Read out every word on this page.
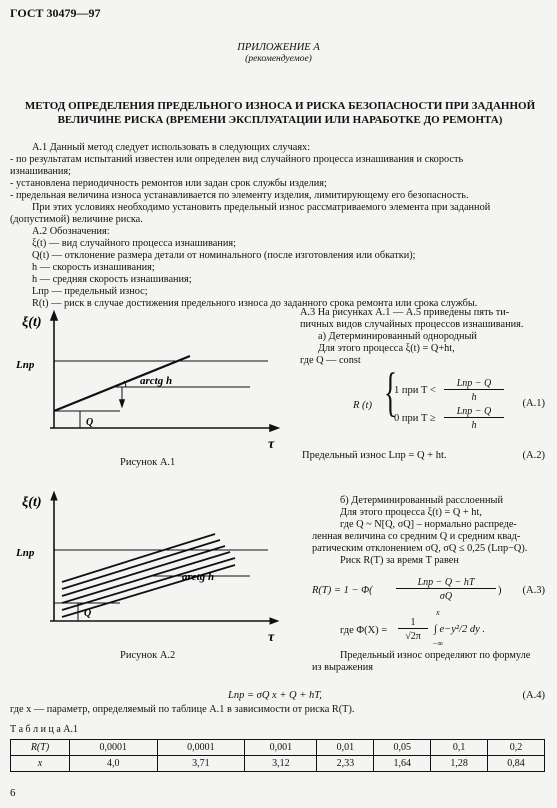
ГОСТ 30479—97
ПРИЛОЖЕНИЕ А
(рекомендуемое)
МЕТОД ОПРЕДЕЛЕНИЯ ПРЕДЕЛЬНОГО ИЗНОСА И РИСКА БЕЗОПАСНОСТИ ПРИ ЗАДАННОЙ
ВЕЛИЧИНЕ РИСКА (ВРЕМЕНИ ЭКСПЛУАТАЦИИ ИЛИ НАРАБОТКЕ ДО РЕМОНТА)
А.1 Данный метод следует использовать в следующих случаях:
- по результатам испытаний известен или определен вид случайного процесса изнашивания и скорость
изнашивания;
- установлена периодичность ремонтов или задан срок службы изделия;
- предельная величина износа устанавливается по элементу изделия, лимитирующему его безопасность.
При этих условиях необходимо установить предельный износ рассматриваемого элемента при заданной
(допустимой) величине риска.
А.2 Обозначения:
ξ(t) — вид случайного процесса изнашивания;
Q(t) — отклонение размера детали от номинального (после изготовления или обкатки);
h — скорость изнашивания;
h — средняя скорость изнашивания;
Lпр — предельный износ;
R(t) — риск в случае достижения предельного износа до заданного срока ремонта или срока службы.
ξ(t)
Lпр
arctg h
Q
τ
Рисунок А.1
А.3 На рисунках А.1 — А.5 приведены пять ти-
пичных видов случайных процессов изнашивания.
а) Детерминированный однородный
Для этого процесса ξ(t) = Q+ht,
где Q — const
R (t) {
1 при T <
Lпр − Q
h
0 при T ≥
Lпр − Q
h
(А.1)
Предельный износ Lпр = Q + ht.	(А.2)
ξ(t)
Lпр
arctg h
Q
τ
Рисунок А.2
б) Детерминированный расслоенный
Для этого процесса ξ(t) = Q + ht,
где Q ~ N[Q, σQ] – нормально распреде-
ленная величина со средним Q и средним квад-
ратическим отклонением σQ, σQ ≤ 0,25 (Lпр−Q).
Риск R(T) за время T равен
R(T) = 1 − Φ(
Lпр − Q − hT
σQ
) (А.3)
где Φ(X) =
1
√2π
x
−∞
∫ e−y²/2 dy .
Предельный износ определяют по формуле
из выражения
Lпр = σQ x + Q + hT,	(А.4)
где x — параметр, определяемый по таблице А.1 в зависимости от риска R(T).
Т а б л и ц а А.1
R(T)	0,0001	0,0001	0,001	0,01	0,05	0,1	0,2
x	4,0	3,71	3,12	2,33	1,64	1,28	0,84
6
